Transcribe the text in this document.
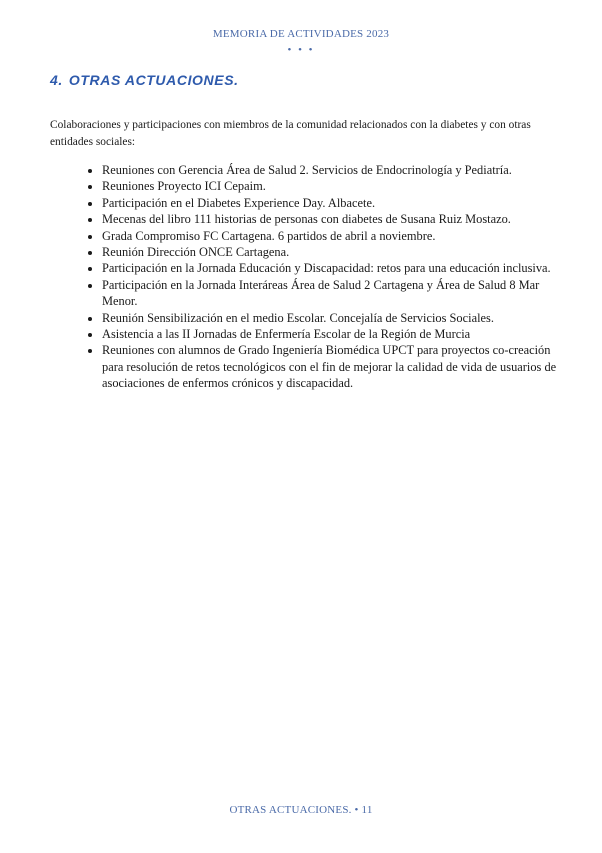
MEMORIA DE ACTIVIDADES 2023
• • •
4. OTRAS ACTUACIONES.

Colaboraciones y participaciones con miembros de la comunidad relacionados con la diabetes y con otras entidades sociales:

• Reuniones con Gerencia Área de Salud 2. Servicios de Endocrinología y Pediatría.
• Reuniones Proyecto ICI Cepaim.
• Participación en el Diabetes Experience Day. Albacete.
• Mecenas del libro 111 historias de personas con diabetes de Susana Ruiz Mostazo.
• Grada Compromiso FC Cartagena. 6 partidos de abril a noviembre.
• Reunión Dirección ONCE Cartagena.
• Participación en la Jornada Educación y Discapacidad: retos para una educación inclusiva.
• Participación en la Jornada Interáreas Área de Salud 2 Cartagena y Área de Salud 8 Mar Menor.
• Reunión Sensibilización en el medio Escolar. Concejalía de Servicios Sociales.
• Asistencia a las II Jornadas de Enfermería Escolar de la Región de Murcia
• Reuniones con alumnos de Grado Ingeniería Biomédica UPCT para proyectos co-creación para resolución de retos tecnológicos con el fin de mejorar la calidad de vida de usuarios de asociaciones de enfermos crónicos y discapacidad.
OTRAS ACTUACIONES. • 11
